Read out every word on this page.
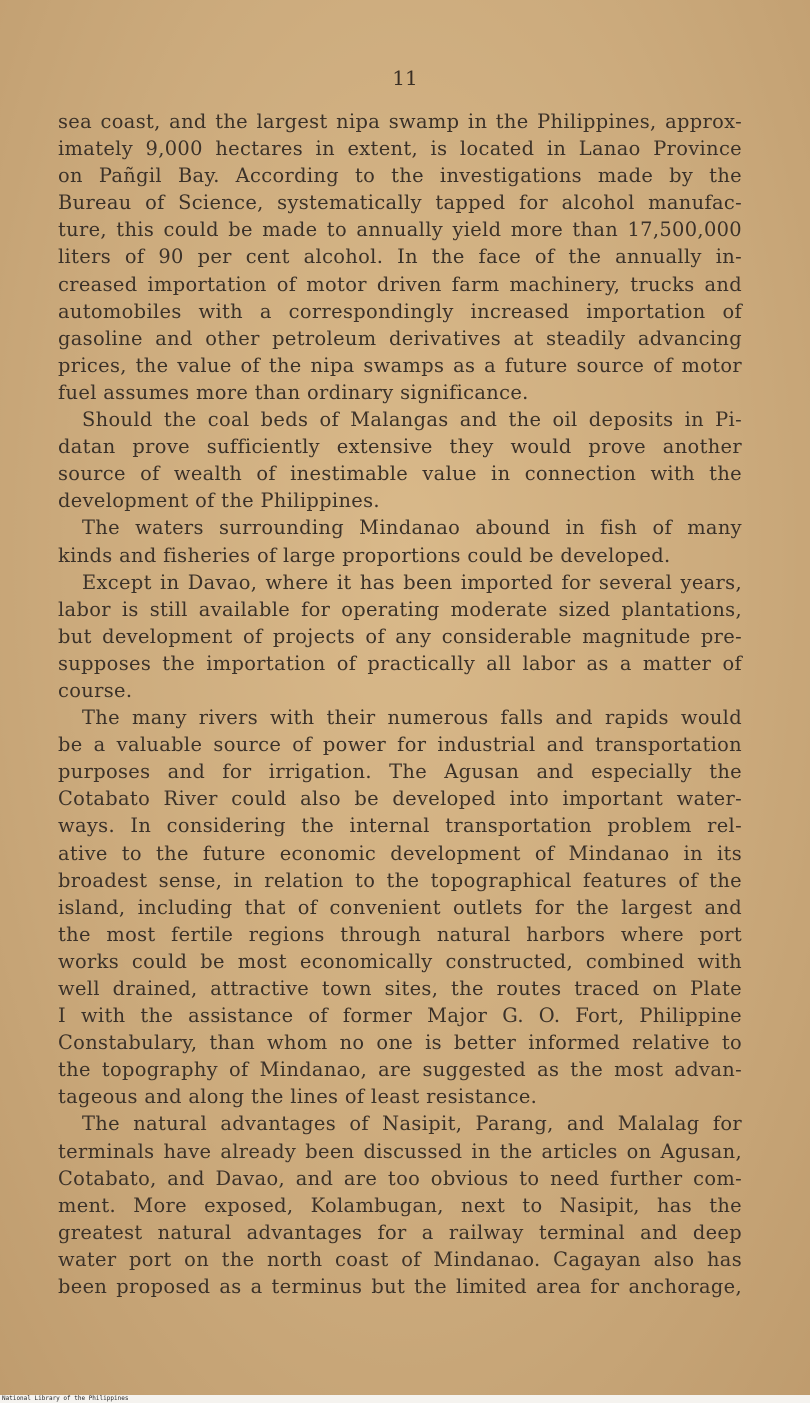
11
sea coast, and the largest nipa swamp in the Philippines, approx-
imately 9,000 hectares in extent, is located in Lanao Province
on Pañgil Bay. According to the investigations made by the
Bureau of Science, systematically tapped for alcohol manufac-
ture, this could be made to annually yield more than 17,500,000
liters of 90 per cent alcohol. In the face of the annually in-
creased importation of motor driven farm machinery, trucks and
automobiles with a correspondingly increased importation of
gasoline and other petroleum derivatives at steadily advancing
prices, the value of the nipa swamps as a future source of motor
fuel assumes more than ordinary significance.
Should the coal beds of Malangas and the oil deposits in Pi-
datan prove sufficiently extensive they would prove another
source of wealth of inestimable value in connection with the
development of the Philippines.
The waters surrounding Mindanao abound in fish of many
kinds and fisheries of large proportions could be developed.
Except in Davao, where it has been imported for several years,
labor is still available for operating moderate sized plantations,
but development of projects of any considerable magnitude pre-
supposes the importation of practically all labor as a matter of
course.
The many rivers with their numerous falls and rapids would
be a valuable source of power for industrial and transportation
purposes and for irrigation. The Agusan and especially the
Cotabato River could also be developed into important water-
ways. In considering the internal transportation problem rel-
ative to the future economic development of Mindanao in its
broadest sense, in relation to the topographical features of the
island, including that of convenient outlets for the largest and
the most fertile regions through natural harbors where port
works could be most economically constructed, combined with
well drained, attractive town sites, the routes traced on Plate
I with the assistance of former Major G. O. Fort, Philippine
Constabulary, than whom no one is better informed relative to
the topography of Mindanao, are suggested as the most advan-
tageous and along the lines of least resistance.
The natural advantages of Nasipit, Parang, and Malalag for
terminals have already been discussed in the articles on Agusan,
Cotabato, and Davao, and are too obvious to need further com-
ment. More exposed, Kolambugan, next to Nasipit, has the
greatest natural advantages for a railway terminal and deep
water port on the north coast of Mindanao. Cagayan also has
been proposed as a terminus but the limited area for anchorage,
National Library of the Philippines
